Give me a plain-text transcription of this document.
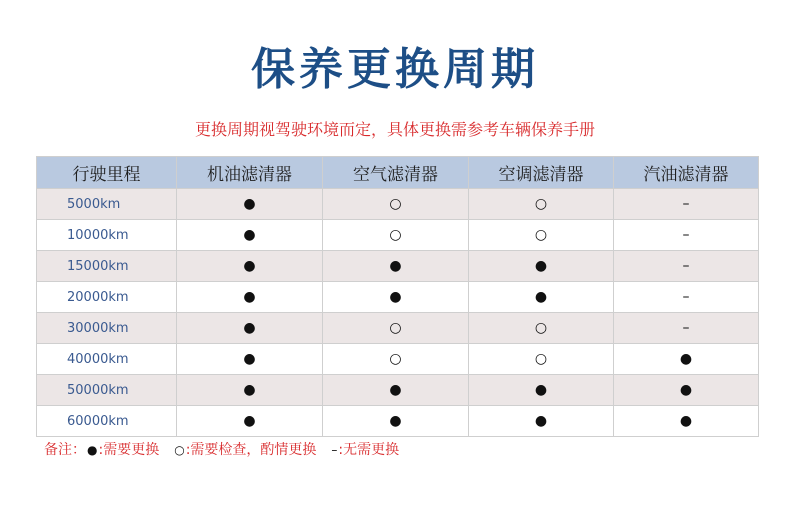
保养更换周期
更换周期视驾驶环境而定，具体更换需参考车辆保养手册
行驶里程	机油滤清器	空气滤清器	空调滤清器	汽油滤清器
5000km	●	○	○	–
10000km	●	○	○	–
15000km	●	●	●	–
20000km	●	●	●	–
30000km	●	○	○	–
40000km	●	○	○	●
50000km	●	●	●	●
60000km	●	●	●	●
备注：●:需要更换 ○:需要检查，酌情更换 –:无需更换
